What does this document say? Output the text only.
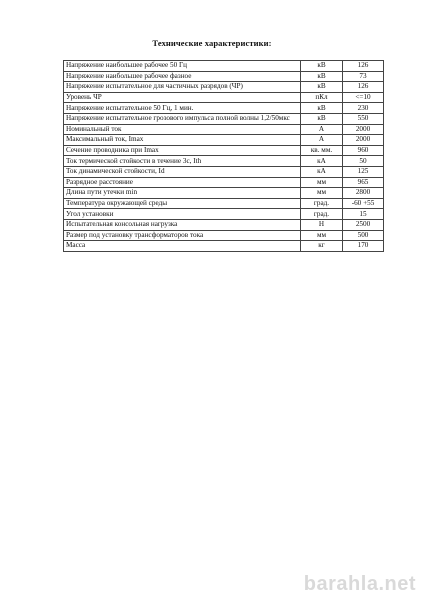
Технические характеристики:
Напряжение наибольшее рабочее 50 Гц	кВ	126
Напряжение наибольшее рабочее фазное	кВ	73
Напряжение испытательное для частичных разрядов (ЧР)	кВ	126
Уровень ЧР	пКл	<=10
Напряжение испытательное 50 Гц, 1 мин.	кВ	230
Напряжение испытательное грозового импульса полной волны 1,2/50мкс	кВ	550
Номинальный ток	А	2000
Максимальный ток, Imax	А	2000
Сечение проводника при Imax	кв. мм.	960
Ток термической стойкости в течение 3с, Ith	кА	50
Ток динамической стойкости, Id	кА	125
Разрядное расстояние	мм	965
Длина пути утечки min	мм	2800
Температура окружающей среды	град.	-60 +55
Угол установки	град.	15
Испытательная консольная нагрузка	Н	2500
Размер под установку трансформаторов тока	мм	500
Масса	кг	170
barahla.net
